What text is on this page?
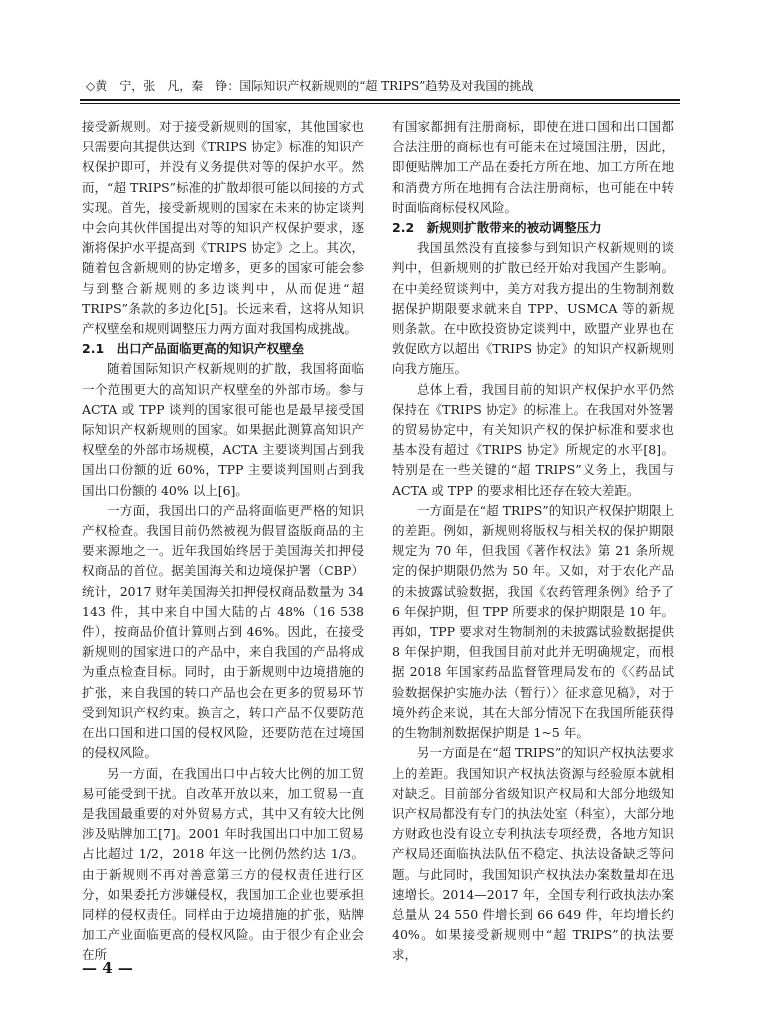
◇黄　宁，张　凡，秦　铮：国际知识产权新规则的“超 TRIPS”趋势及对我国的挑战

接受新规则。对于接受新规则的国家，其他国家也只需要向其提供达到《TRIPS 协定》标准的知识产权保护即可，并没有义务提供对等的保护水平。然而，“超 TRIPS”标准的扩散却很可能以间接的方式实现。首先，接受新规则的国家在未来的协定谈判中会向其伙伴国提出对等的知识产权保护要求，逐渐将保护水平提高到《TRIPS 协定》之上。其次，随着包含新规则的协定增多，更多的国家可能会参与到整合新规则的多边谈判中，从而促进“超 TRIPS”条款的多边化[5]。长远来看，这将从知识产权壁垒和规则调整压力两方面对我国构成挑战。

2.1　出口产品面临更高的知识产权壁垒

随着国际知识产权新规则的扩散，我国将面临一个范围更大的高知识产权壁垒的外部市场。参与 ACTA 或 TPP 谈判的国家很可能也是最早接受国际知识产权新规则的国家。如果据此测算高知识产权壁垒的外部市场规模，ACTA 主要谈判国占到我国出口份额的近 60%，TPP 主要谈判国则占到我国出口份额的 40% 以上[6]。

一方面，我国出口的产品将面临更严格的知识产权检查。我国目前仍然被视为假冒盗版商品的主要来源地之一。近年我国始终居于美国海关扣押侵权商品的首位。据美国海关和边境保护署（CBP）统计，2017 财年美国海关扣押侵权商品数量为 34 143 件，其中来自中国大陆的占 48%（16 538 件），按商品价值计算则占到 46%。因此，在接受新规则的国家进口的产品中，来自我国的产品将成为重点检查目标。同时，由于新规则中边境措施的扩张，来自我国的转口产品也会在更多的贸易环节受到知识产权约束。换言之，转口产品不仅要防范在出口国和进口国的侵权风险，还要防范在过境国的侵权风险。

另一方面，在我国出口中占较大比例的加工贸易可能受到干扰。自改革开放以来，加工贸易一直是我国最重要的对外贸易方式，其中又有较大比例涉及贴牌加工[7]。2001 年时我国出口中加工贸易占比超过 1/2，2018 年这一比例仍然约达 1/3。由于新规则不再对善意第三方的侵权责任进行区分，如果委托方涉嫌侵权，我国加工企业也要承担同样的侵权责任。同样由于边境措施的扩张，贴牌加工产业面临更高的侵权风险。由于很少有企业会在所

有国家都拥有注册商标，即使在进口国和出口国都合法注册的商标也有可能未在过境国注册，因此，即便贴牌加工产品在委托方所在地、加工方所在地和消费方所在地拥有合法注册商标，也可能在中转时面临商标侵权风险。

2.2　新规则扩散带来的被动调整压力

我国虽然没有直接参与到知识产权新规则的谈判中，但新规则的扩散已经开始对我国产生影响。在中美经贸谈判中，美方对我方提出的生物制剂数据保护期限要求就来自 TPP、USMCA 等的新规则条款。在中欧投资协定谈判中，欧盟产业界也在敦促欧方以超出《TRIPS 协定》的知识产权新规则向我方施压。

总体上看，我国目前的知识产权保护水平仍然保持在《TRIPS 协定》的标准上。在我国对外签署的贸易协定中，有关知识产权的保护标准和要求也基本没有超过《TRIPS 协定》所规定的水平[8]。特别是在一些关键的“超 TRIPS”义务上，我国与 ACTA 或 TPP 的要求相比还存在较大差距。

一方面是在“超 TRIPS”的知识产权保护期限上的差距。例如，新规则将版权与相关权的保护期限规定为 70 年，但我国《著作权法》第 21 条所规定的保护期限仍然为 50 年。又如，对于农化产品的未披露试验数据，我国《农药管理条例》给予了 6 年保护期，但 TPP 所要求的保护期限是 10 年。再如，TPP 要求对生物制剂的未披露试验数据提供 8 年保护期，但我国目前对此并无明确规定，而根据 2018 年国家药品监督管理局发布的《〈药品试验数据保护实施办法（暂行）〉征求意见稿》，对于境外药企来说，其在大部分情况下在我国所能获得的生物制剂数据保护期是 1~5 年。

另一方面是在“超 TRIPS”的知识产权执法要求上的差距。我国知识产权执法资源与经验原本就相对缺乏。目前部分省级知识产权局和大部分地级知识产权局都没有专门的执法处室（科室），大部分地方财政也没有设立专利执法专项经费，各地方知识产权局还面临执法队伍不稳定、执法设备缺乏等问题。与此同时，我国知识产权执法办案数量却在迅速增长。2014—2017 年，全国专利行政执法办案总量从 24 550 件增长到 66 649 件，年均增长约 40%。如果接受新规则中“超 TRIPS”的执法要求，

— 4 —
